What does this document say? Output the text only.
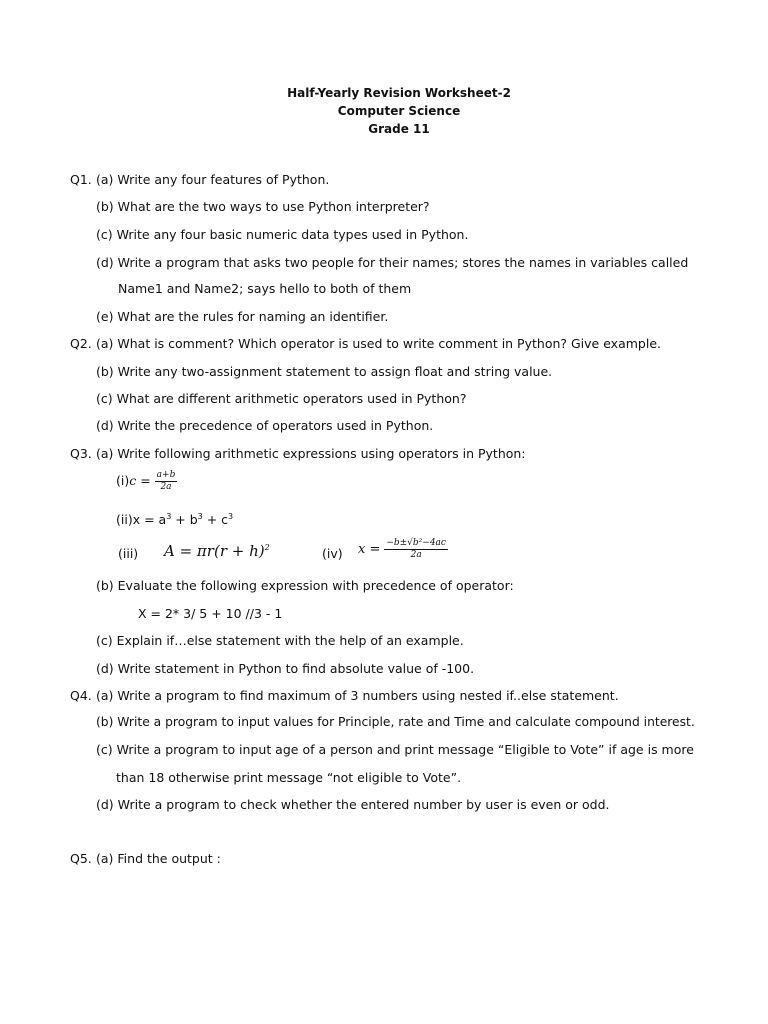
Half-Yearly Revision Worksheet-2
Computer Science
Grade 11
Q1. (a) Write any four features of Python.
(b) What are the two ways to use Python interpreter?
(c) Write any four basic numeric data types used in Python.
(d) Write a program that asks two people for their names; stores the names in variables called
Name1 and Name2; says hello to both of them
(e) What are the rules for naming an identifier.
Q2. (a) What is comment? Which operator is used to write comment in Python? Give example.
(b) Write any two-assignment statement to assign float and string value.
(c) What are different arithmetic operators used in Python?
(d) Write the precedence of operators used in Python.
Q3. (a) Write following arithmetic expressions using operators in Python:
$(i)c = \frac{a+b}{2a}$
$(ii)x = a^3 + b^3 + c^3$
(iii) $A = \pi r(r + h)^2$	(iv) $x = \frac{\text{−b±√b²−4ac}}{2a}$
(b) Evaluate the following expression with precedence of operator:
X = 2* 3/ 5 + 10 //3 - 1
(c) Explain if…else statement with the help of an example.
(d) Write statement in Python to find absolute value of -100.
Q4. (a) Write a program to find maximum of 3 numbers using nested if..else statement.
(b) Write a program to input values for Principle, rate and Time and calculate compound interest.
(c) Write a program to input age of a person and print message “Eligible to Vote” if age is more
than 18 otherwise print message “not eligible to Vote”.
(d) Write a program to check whether the entered number by user is even or odd.
Q5. (a) Find the output :
